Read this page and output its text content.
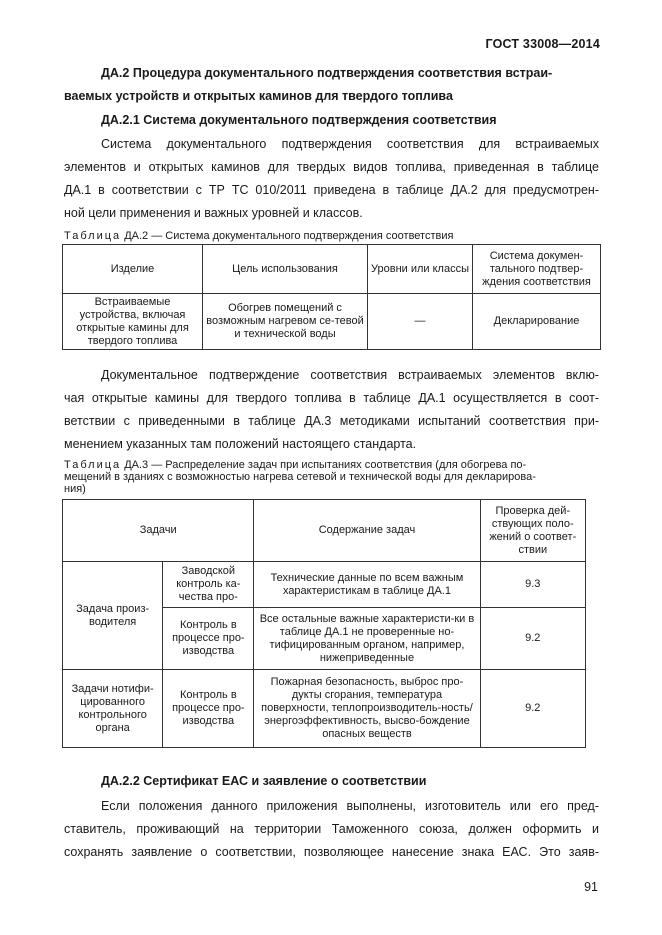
ГОСТ 33008—2014
ДА.2 Процедура документального подтверждения соответствия встраи-
ваемых устройств и открытых каминов для твердого топлива
ДА.2.1 Система документального подтверждения соответствия
Система документального подтверждения соответствия для встраиваемых
элементов и открытых каминов для твердых видов топлива, приведенная в таблице
ДА.1 в соответствии с ТР ТС 010/2011 приведена в таблице ДА.2 для предусмотрен-
ной цели применения и важных уровней и классов.
Таблица ДА.2 — Система документального подтверждения соответствия
Изделие	Цель использования	Уровни или классы	Система докумен-тального подтвер-ждения соответствия
Встраиваемые устройства, включая открытые камины для твердого топлива	Обогрев помещений с возможным нагревом се-тевой и технической воды	—	Декларирование
Документальное подтверждение соответствия встраиваемых элементов вклю-
чая открытые камины для твердого топлива в таблице ДА.1 осуществляется в соот-
ветствии с приведенными в таблице ДА.3 методиками испытаний соответствия при-
менением указанных там положений настоящего стандарта.
Таблица ДА.3 — Распределение задач при испытаниях соответствия (для обогрева по-
мещений в зданиях с возможностью нагрева сетевой и технической воды для декларирова-
ния)
Задачи		Содержание задач	Проверка дей-ствующих поло-жений о соответ-ствии
Задача произ-водителя	Заводской контроль ка-чества про-	Технические данные по всем важным характеристикам в таблице ДА.1	9.3
	Контроль в процессе про-изводства	Все остальные важные характеристи-ки в таблице ДА.1 не проверенные но-тифицированным органом, например, нижеприведенные	9.2
Задачи нотифи-цированного контрольного органа	Контроль в процессе про-изводства	Пожарная безопасность, выброс про-дукты сгорания, температура поверхности, теплопроизводитель-ность/энергоэффективность, высво-бождение опасных веществ	9.2
ДА.2.2 Сертификат ЕАС и заявление о соответствии
Если положения данного приложения выполнены, изготовитель или его пред-
ставитель, проживающий на территории Таможенного союза, должен оформить и
сохранять заявление о соответствии, позволяющее нанесение знака ЕАС. Это заяв-
91
